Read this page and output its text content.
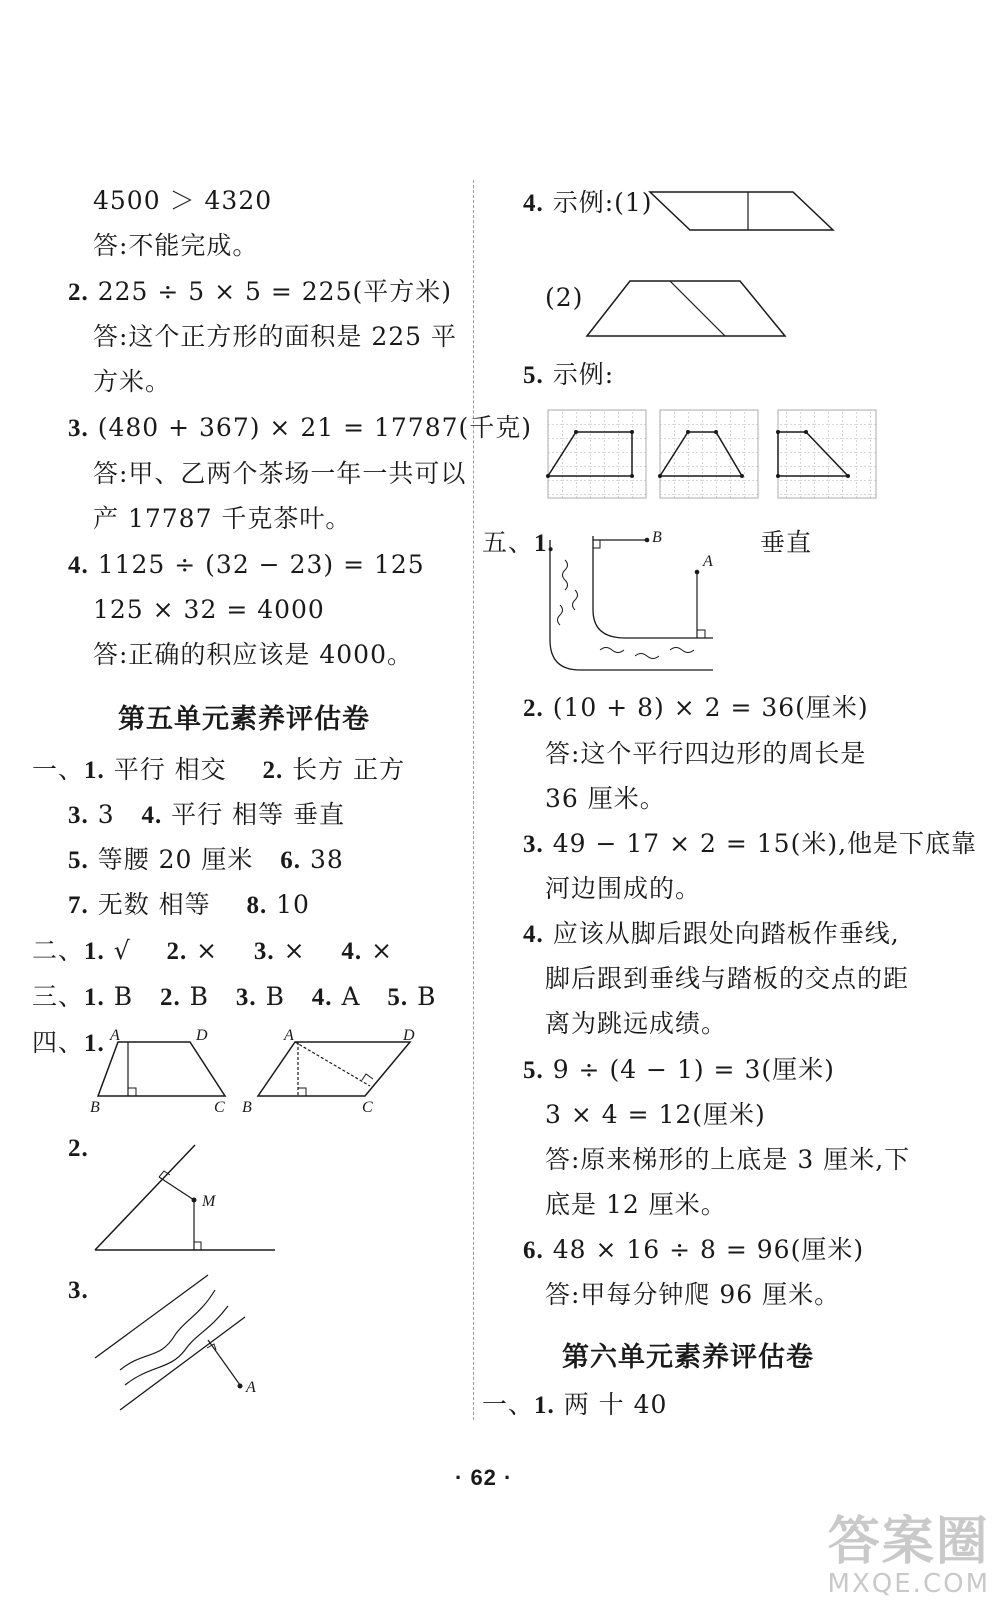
4500 ＞ 4320
答:不能完成。
2. 225 ÷ 5 × 5 = 225(平方米)
答:这个正方形的面积是 225 平
方米。
3. (480 + 367) × 21 = 17787(千克)
答:甲、乙两个茶场一年一共可以
产 17787 千克茶叶。
4. 1125 ÷ (32 − 23) = 125
125 × 32 = 4000
答:正确的积应该是 4000。
第五单元素养评估卷
一、1. 平行 相交 2. 长方 正方
3. 3 4. 平行 相等 垂直
5. 等腰 20 厘米 6. 38
7. 无数 相等 8. 10
二、1. √ 2. × 3. × 4. ×
三、1. B 2. B 3. B 4. A 5. B
四、1. A	D
B	C
A	D
B	C
2.
M
3.
A
4. 示例:(1)
(2)
5. 示例:
五、1.	B
A
垂直
2. (10 + 8) × 2 = 36(厘米)
答:这个平行四边形的周长是
36 厘米。
3. 49 − 17 × 2 = 15(米),他是下底靠
河边围成的。
4. 应该从脚后跟处向踏板作垂线,
脚后跟到垂线与踏板的交点的距
离为跳远成绩。
5. 9 ÷ (4 − 1) = 3(厘米)
3 × 4 = 12(厘米)
答:原来梯形的上底是 3 厘米,下
底是 12 厘米。
6. 48 × 16 ÷ 8 = 96(厘米)
答:甲每分钟爬 96 厘米。
第六单元素养评估卷
一、1. 两 十 40
· 62 ·
答案圈
MXQE.COM
